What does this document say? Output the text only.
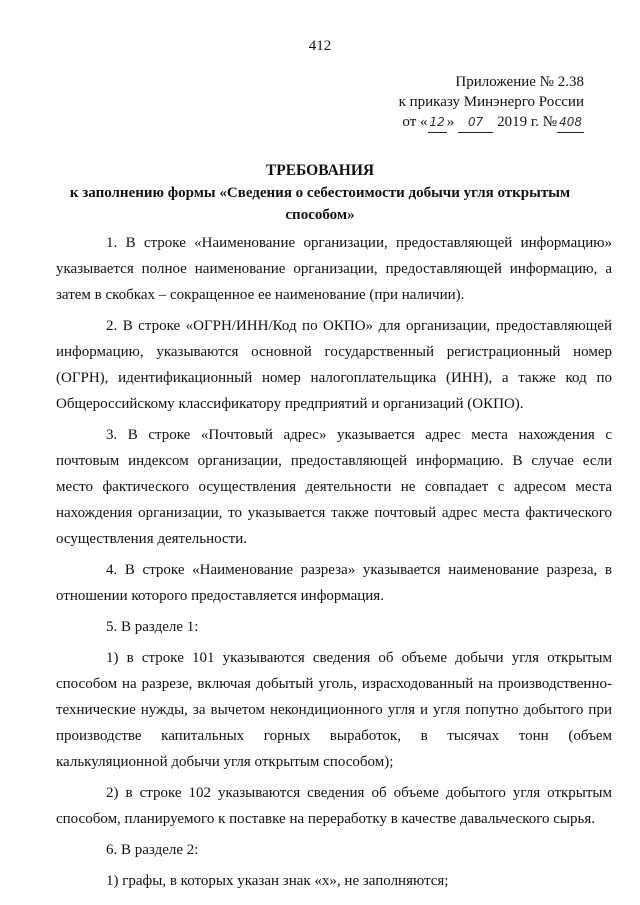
412
Приложение № 2.38
к приказу Минэнерго России
от « 12 » 07 2019 г. № 408
ТРЕБОВАНИЯ
к заполнению формы «Сведения о себестоимости добычи угля открытым способом»

1. В строке «Наименование организации, предоставляющей информацию» указывается полное наименование организации, предоставляющей информацию, а затем в скобках – сокращенное ее наименование (при наличии).

2. В строке «ОГРН/ИНН/Код по ОКПО» для организации, предоставляющей информацию, указываются основной государственный регистрационный номер (ОГРН), идентификационный номер налогоплательщика (ИНН), а также код по Общероссийскому классификатору предприятий и организаций (ОКПО).

3. В строке «Почтовый адрес» указывается адрес места нахождения с почтовым индексом организации, предоставляющей информацию. В случае если место фактического осуществления деятельности не совпадает с адресом места нахождения организации, то указывается также почтовый адрес места фактического осуществления деятельности.

4. В строке «Наименование разреза» указывается наименование разреза, в отношении которого предоставляется информация.

5. В разделе 1:

1) в строке 101 указываются сведения об объеме добычи угля открытым способом на разрезе, включая добытый уголь, израсходованный на производственно-технические нужды, за вычетом некондиционного угля и угля попутно добытого при производстве капитальных горных выработок, в тысячах тонн (объем калькуляционной добычи угля открытым способом);

2) в строке 102 указываются сведения об объеме добытого угля открытым способом, планируемого к поставке на переработку в качестве давальческого сырья.

6. В разделе 2:

1) графы, в которых указан знак «x», не заполняются;
